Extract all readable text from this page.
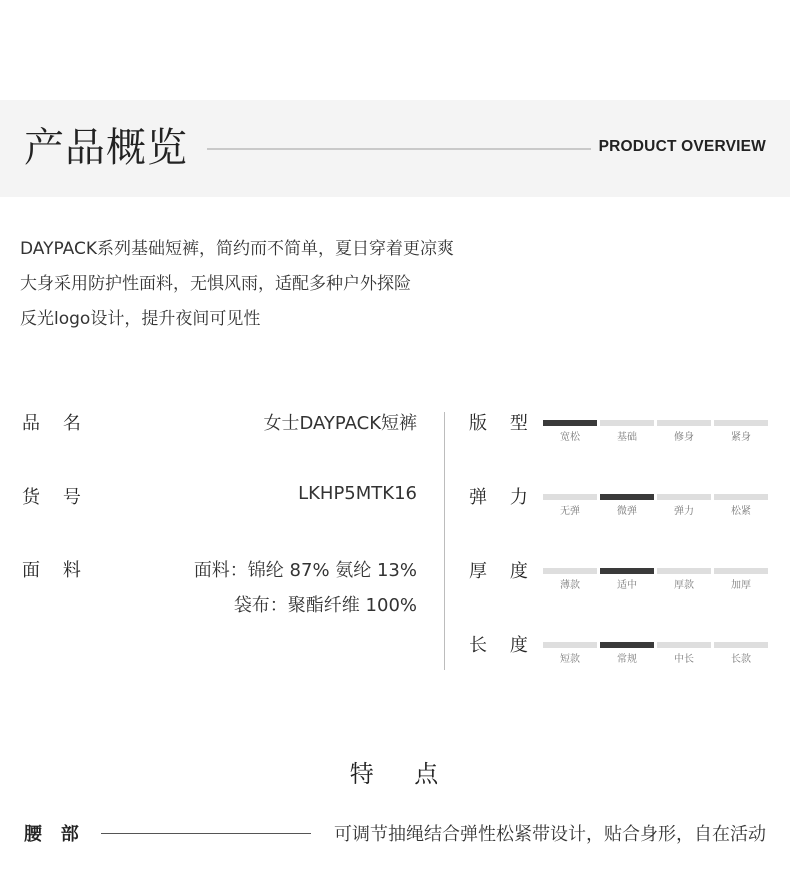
产品概览	PRODUCT OVERVIEW
DAYPACK系列基础短裤，简约而不简单，夏日穿着更凉爽
大身采用防护性面料，无惧风雨，适配多种户外探险
反光logo设计，提升夜间可见性
品    名	女士DAYPACK短裤
货    号	LKHP5MTK16
面    料	面料：锦纶 87% 氨纶 13%
袋布：聚酯纤维 100%
版    型
宽松	基础	修身	紧身
弹    力
无弹	微弹	弹力	松紧
厚    度
薄款	适中	厚款	加厚
长    度
短款	常规	中长	长款
特    点
腰   部	可调节抽绳结合弹性松紧带设计，贴合身形，自在活动
